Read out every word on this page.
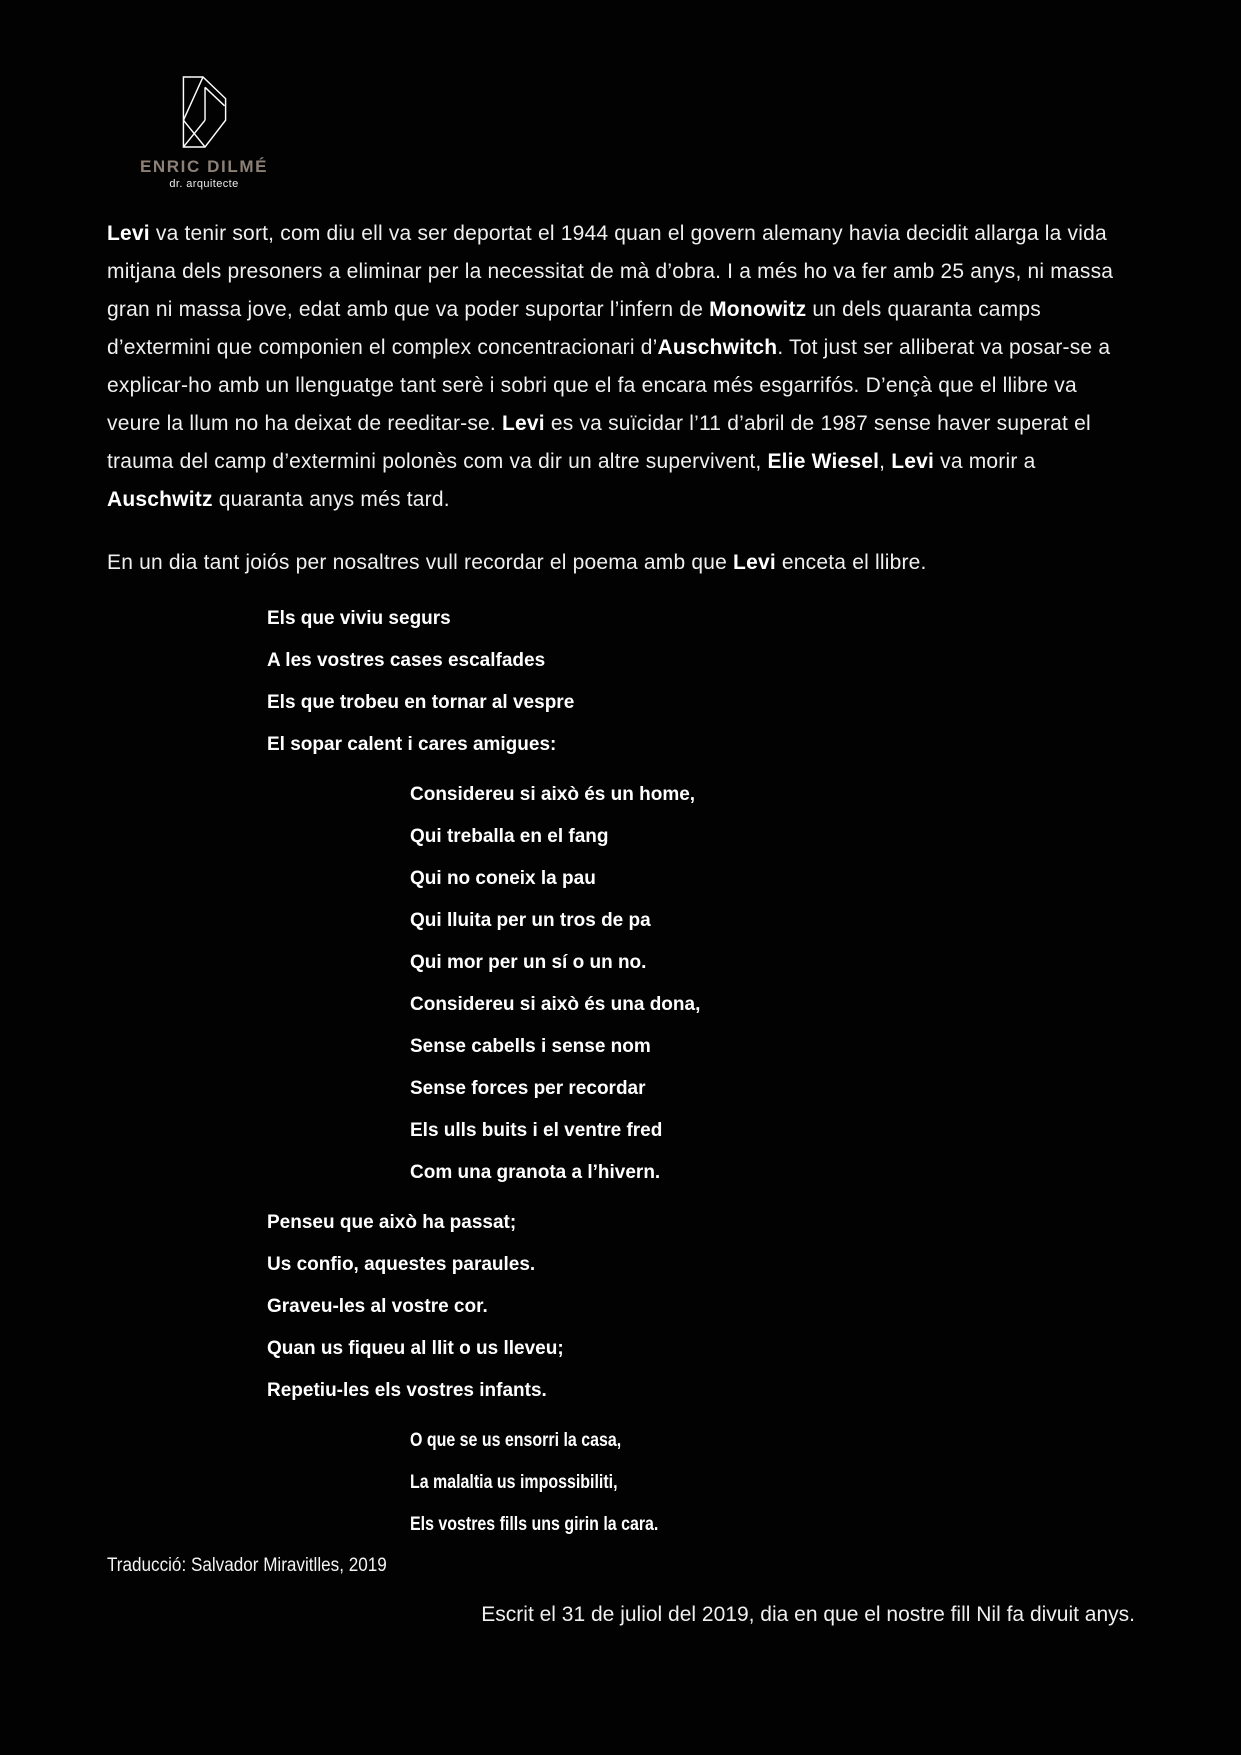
ENRIC DILMÉ
dr. arquitecte

Levi va tenir sort, com diu ell va ser deportat el 1944 quan el govern alemany havia decidit allarga la vida mitjana dels presoners a eliminar per la necessitat de mà d’obra. I a més ho va fer amb 25 anys, ni massa gran ni massa jove, edat amb que va poder suportar l’infern de Monowitz un dels quaranta camps d’extermini que componien el complex concentracionari d’Auschwitch. Tot just ser alliberat va posar-se a explicar-ho amb un llenguatge tant serè i sobri que el fa encara més esgarrifós. D’ençà que el llibre va veure la llum no ha deixat de reeditar-se. Levi es va suïcidar l’11 d’abril de 1987 sense haver superat el trauma del camp d’extermini polonès com va dir un altre supervivent, Elie Wiesel, Levi va morir a Auschwitz quaranta anys més tard.

En un dia tant joiós per nosaltres vull recordar el poema amb que Levi enceta el llibre.

Els que viviu segurs
A les vostres cases escalfades
Els que trobeu en tornar al vespre
El sopar calent i cares amigues:
Considereu si això és un home,
Qui treballa en el fang
Qui no coneix la pau
Qui lluita per un tros de pa
Qui mor per un sí o un no.
Considereu si això és una dona,
Sense cabells i sense nom
Sense forces per recordar
Els ulls buits i el ventre fred
Com una granota a l’hivern.
Penseu que això ha passat;
Us confio, aquestes paraules.
Graveu-les al vostre cor.
Quan us fiqueu al llit o us lleveu;
Repetiu-les els vostres infants.
O que se us ensorri la casa,
La malaltia us impossibiliti,
Els vostres fills uns girin la cara.
Traducció: Salvador Miravitlles, 2019
Escrit el 31 de juliol del 2019, dia en que el nostre fill Nil fa divuit anys.
